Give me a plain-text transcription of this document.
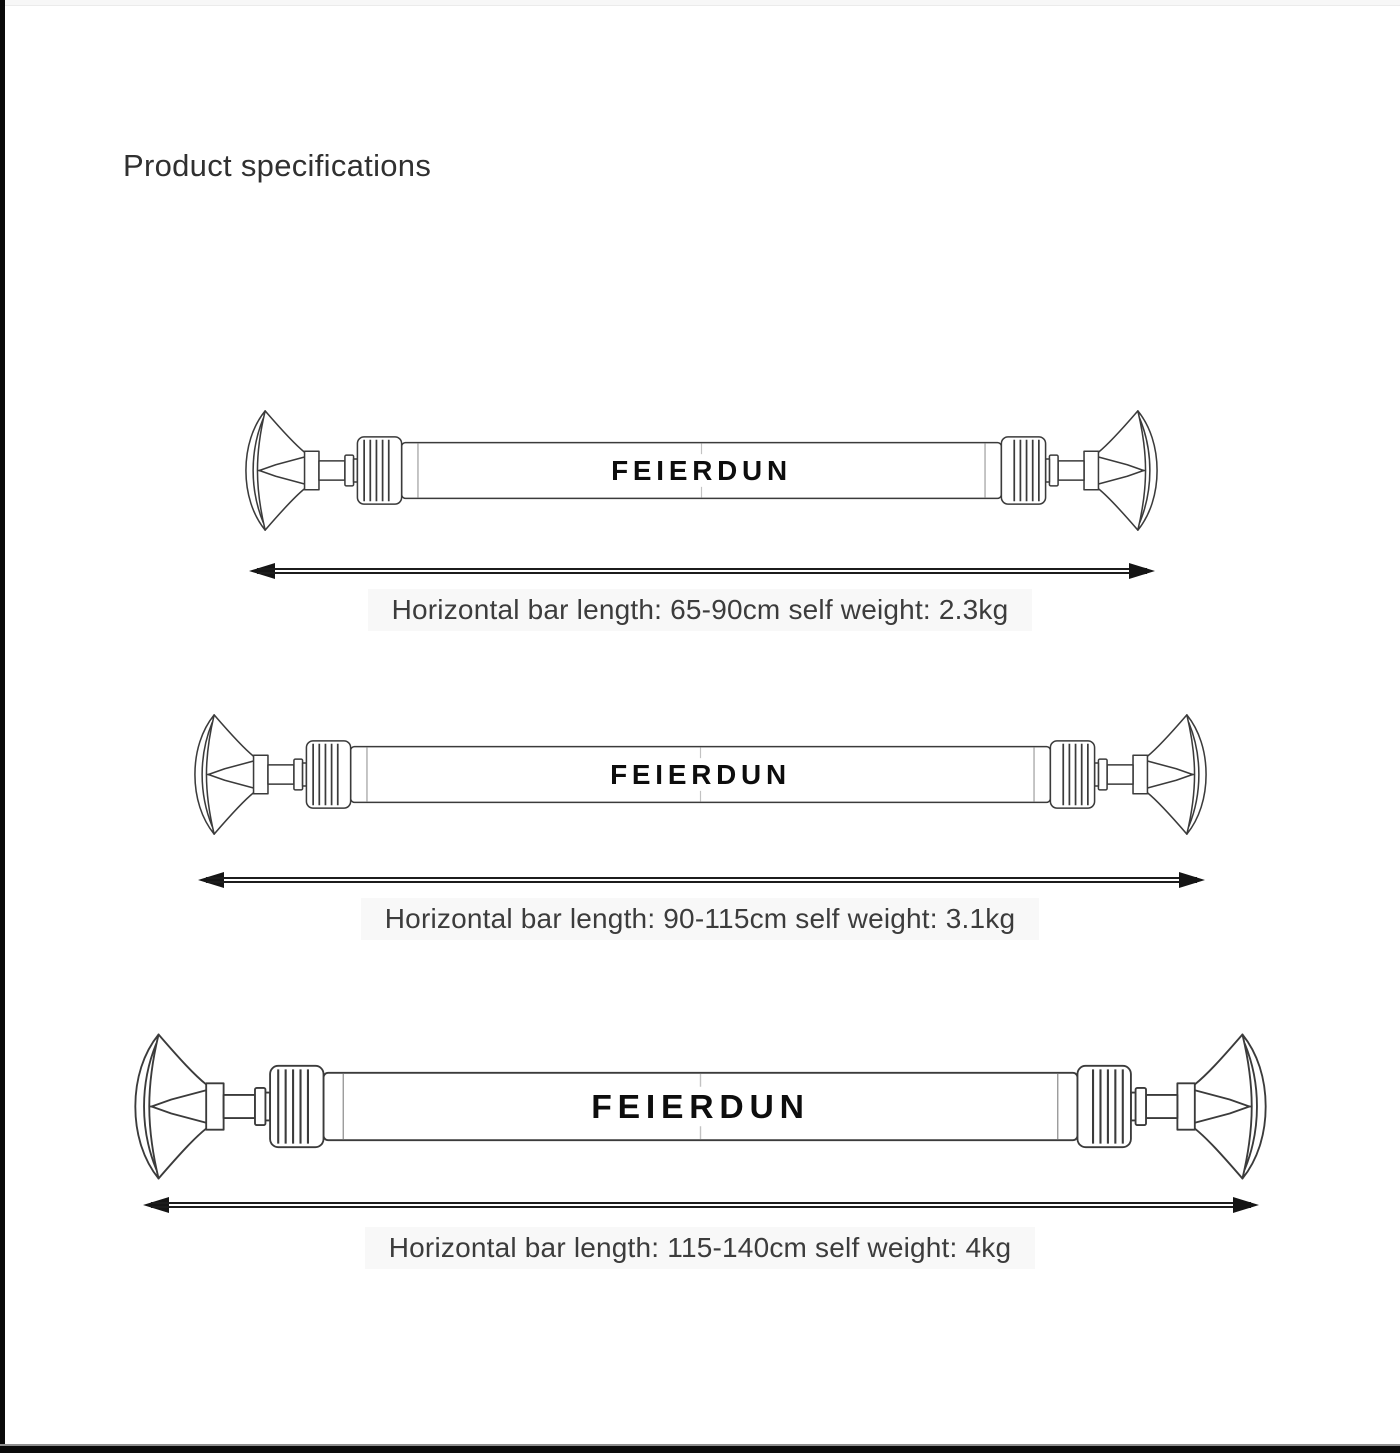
Product specifications
FEIERDUN
Horizontal bar length: 65-90cm self weight: 2.3kg
FEIERDUN
Horizontal bar length: 90-115cm self weight: 3.1kg
FEIERDUN
Horizontal bar length: 115-140cm self weight: 4kg
